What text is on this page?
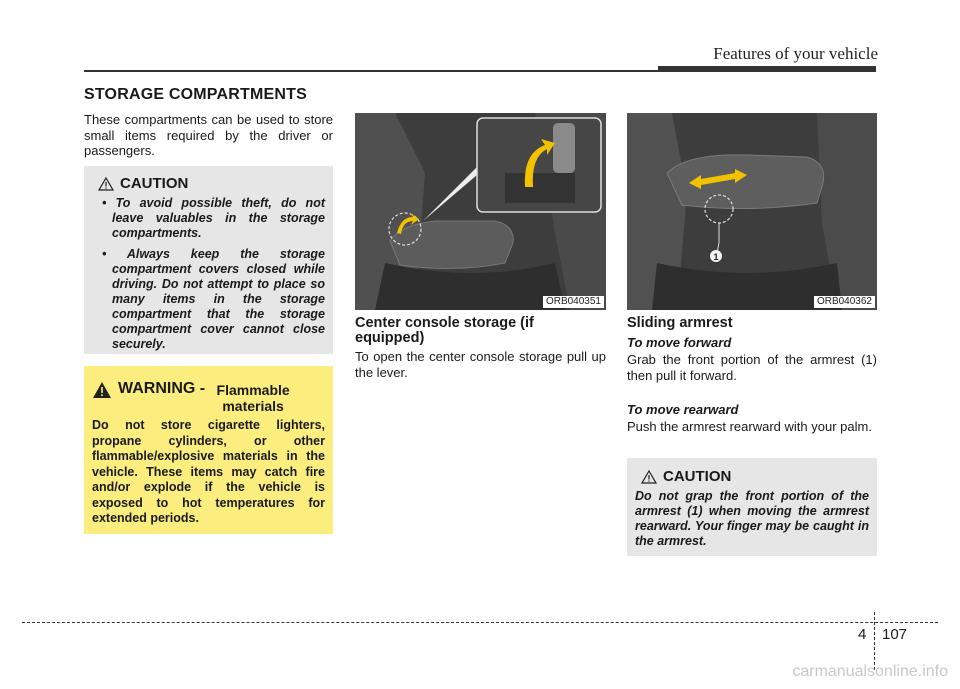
Features of your vehicle
STORAGE COMPARTMENTS
These compartments can be used to store small items required by the driver or passengers.
CAUTION
• To avoid possible theft, do not leave valuables in the storage compartments.
• Always keep the storage compartment covers closed while driving. Do not attempt to place so many items in the storage compartment that the storage compartment cover cannot close securely.
WARNING - Flammable materials
Do not store cigarette lighters, propane cylinders, or other flammable/explosive materials in the vehicle. These items may catch fire and/or explode if the vehicle is exposed to hot temperatures for extended periods.
ORB040351
Center console storage (if equipped)
To open the center console storage pull up the lever.
1
ORB040362
Sliding armrest
To move forward
Grab the front portion of the armrest (1) then pull it forward.
To move rearward
Push the armrest rearward with your palm.
CAUTION
Do not grap the front portion of the armrest (1) when moving the armrest rearward. Your finger may be caught in the armrest.
4 107
carmanualsonline.info
